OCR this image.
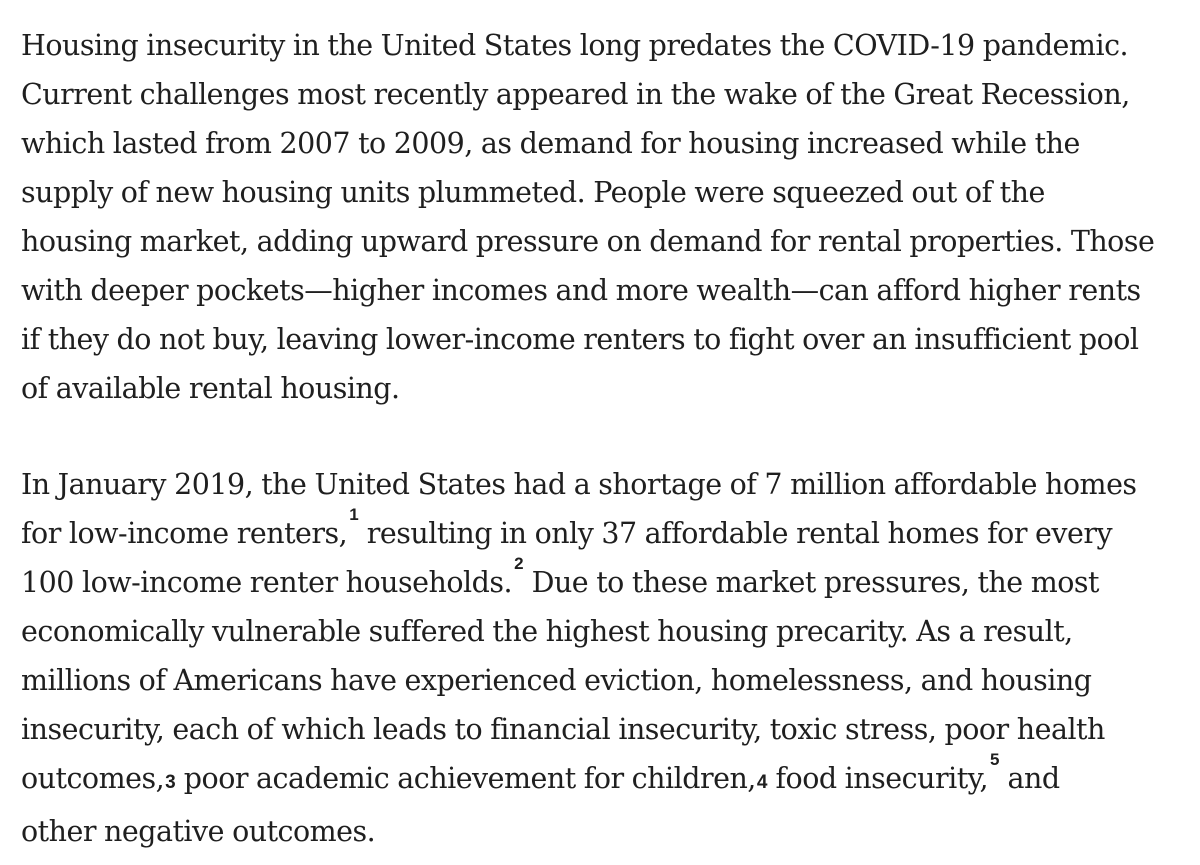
Housing insecurity in the United States long predates the COVID-19 pandemic.
Current challenges most recently appeared in the wake of the Great Recession,
which lasted from 2007 to 2009, as demand for housing increased while the
supply of new housing units plummeted. People were squeezed out of the
housing market, adding upward pressure on demand for rental properties. Those
with deeper pockets—higher incomes and more wealth—can afford higher rents
if they do not buy, leaving lower-income renters to fight over an insufficient pool
of available rental housing.

In January 2019, the United States had a shortage of 7 million affordable homes
for low-income renters,$^1$ resulting in only 37 affordable rental homes for every
100 low-income renter households.$^2$ Due to these market pressures, the most
economically vulnerable suffered the highest housing precarity. As a result,
millions of Americans have experienced eviction, homelessness, and housing
insecurity, each of which leads to financial insecurity, toxic stress, poor health
outcomes,3 poor academic achievement for children,4 food insecurity,$^5$ and
other negative outcomes.
